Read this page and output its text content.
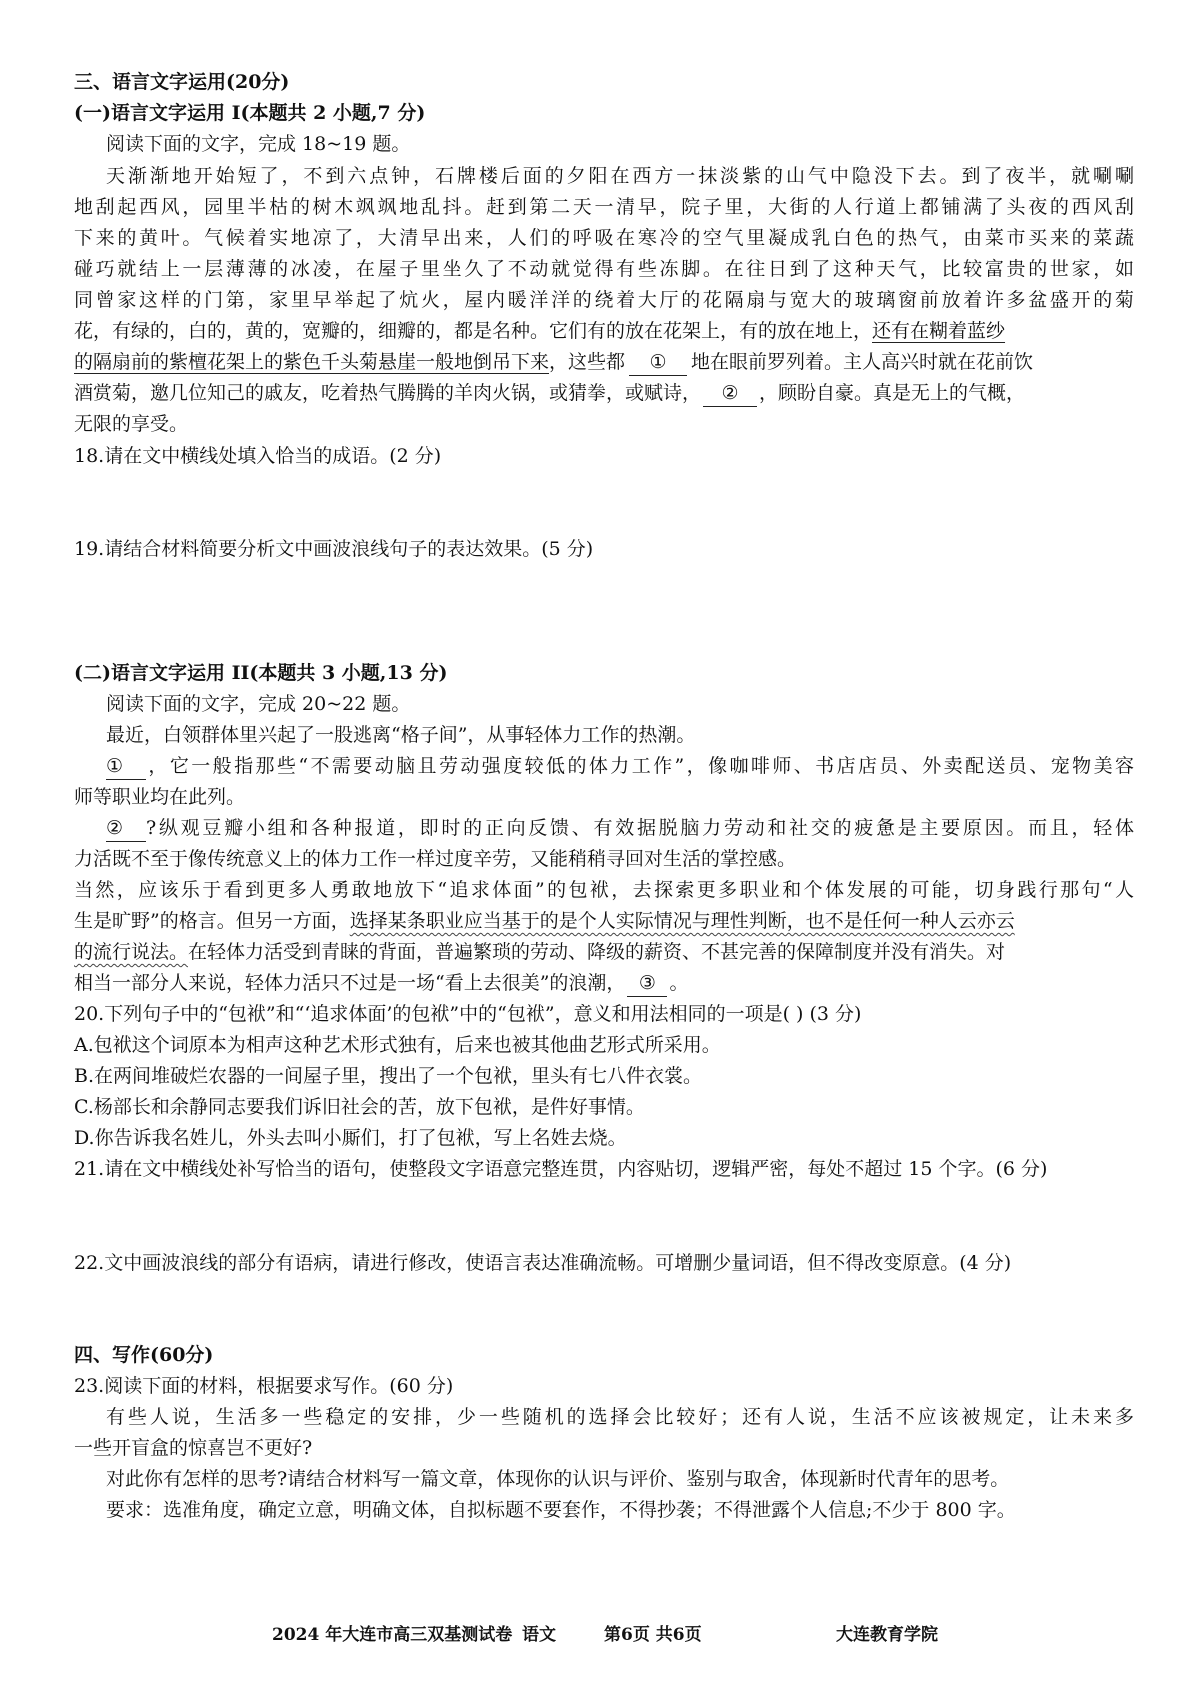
三、语言文字运用(20分)
(一)语言文字运用 I(本题共 2 小题,7 分)
阅读下面的文字，完成 18~19 题。
天渐渐地开始短了，不到六点钟，石牌楼后面的夕阳在西方一抹淡紫的山气中隐没下去。到了夜半，就唰唰
地刮起西风，园里半枯的树木飒飒地乱抖。赶到第二天一清早，院子里，大街的人行道上都铺满了头夜的西风刮
下来的黄叶。气候着实地凉了，大清早出来，人们的呼吸在寒冷的空气里凝成乳白色的热气，由菜市买来的菜蔬
碰巧就结上一层薄薄的冰凌，在屋子里坐久了不动就觉得有些冻脚。在往日到了这种天气，比较富贵的世家，如
同曾家这样的门第，家里早举起了炕火，屋内暖洋洋的绕着大厅的花隔扇与宽大的玻璃窗前放着许多盆盛开的菊
花，有绿的，白的，黄的，宽瓣的，细瓣的，都是名种。它们有的放在花架上，有的放在地上，还有在糊着蓝纱
的隔扇前的紫檀花架上的紫色千头菊悬崖一般地倒吊下来，这些都 ① 地在眼前罗列着。主人高兴时就在花前饮
酒赏菊，邀几位知己的戚友，吃着热气腾腾的羊肉火锅，或猜拳，或赋诗， ② ，顾盼自豪。真是无上的气概，
无限的享受。
18.请在文中横线处填入恰当的成语。(2 分)
19.请结合材料简要分析文中画波浪线句子的表达效果。(5 分)
(二)语言文字运用 II(本题共 3 小题,13 分)
阅读下面的文字，完成 20~22 题。
最近，白领群体里兴起了一股逃离“格子间”，从事轻体力工作的热潮。
① ，它一般指那些“不需要动脑且劳动强度较低的体力工作”，像咖啡师、书店店员、外卖配送员、宠物美容
师等职业均在此列。
② ?纵观豆瓣小组和各种报道，即时的正向反馈、有效据脱脑力劳动和社交的疲惫是主要原因。而且，轻体
力活既不至于像传统意义上的体力工作一样过度辛劳，又能稍稍寻回对生活的掌控感。
当然，应该乐于看到更多人勇敢地放下“追求体面”的包袱，去探索更多职业和个体发展的可能，切身践行那句“人
生是旷野”的格言。但另一方面，选择某条职业应当基于的是个人实际情况与理性判断，也不是任何一种人云亦云
的流行说法。在轻体力活受到青睐的背面，普遍繁琐的劳动、降级的薪资、不甚完善的保障制度并没有消失。对
相当一部分人来说，轻体力活只不过是一场“看上去很美”的浪潮， ③ 。
20.下列句子中的“包袱”和“‘追求体面’的包袱”中的“包袱”，意义和用法相同的一项是( ) (3 分)
A.包袱这个词原本为相声这种艺术形式独有，后来也被其他曲艺形式所采用。
B.在两间堆破烂农器的一间屋子里，搜出了一个包袱，里头有七八件衣裳。
C.杨部长和余静同志要我们诉旧社会的苦，放下包袱，是件好事情。
D.你告诉我名姓儿，外头去叫小厮们，打了包袱，写上名姓去烧。
21.请在文中横线处补写恰当的语句，使整段文字语意完整连贯，内容贴切，逻辑严密，每处不超过 15 个字。(6 分)
22.文中画波浪线的部分有语病，请进行修改，使语言表达准确流畅。可增删少量词语，但不得改变原意。(4 分)
四、写作(60分)
23.阅读下面的材料，根据要求写作。(60 分)
有些人说，生活多一些稳定的安排，少一些随机的选择会比较好；还有人说，生活不应该被规定，让未来多
一些开盲盒的惊喜岂不更好?
对此你有怎样的思考?请结合材料写一篇文章，体现你的认识与评价、鉴别与取舍，体现新时代青年的思考。
要求：选准角度，确定立意，明确文体，自拟标题不要套作，不得抄袭；不得泄露个人信息;不少于 800 字。
2024 年大连市高三双基测试卷 语文	第6页 共6页	大连教育学院
